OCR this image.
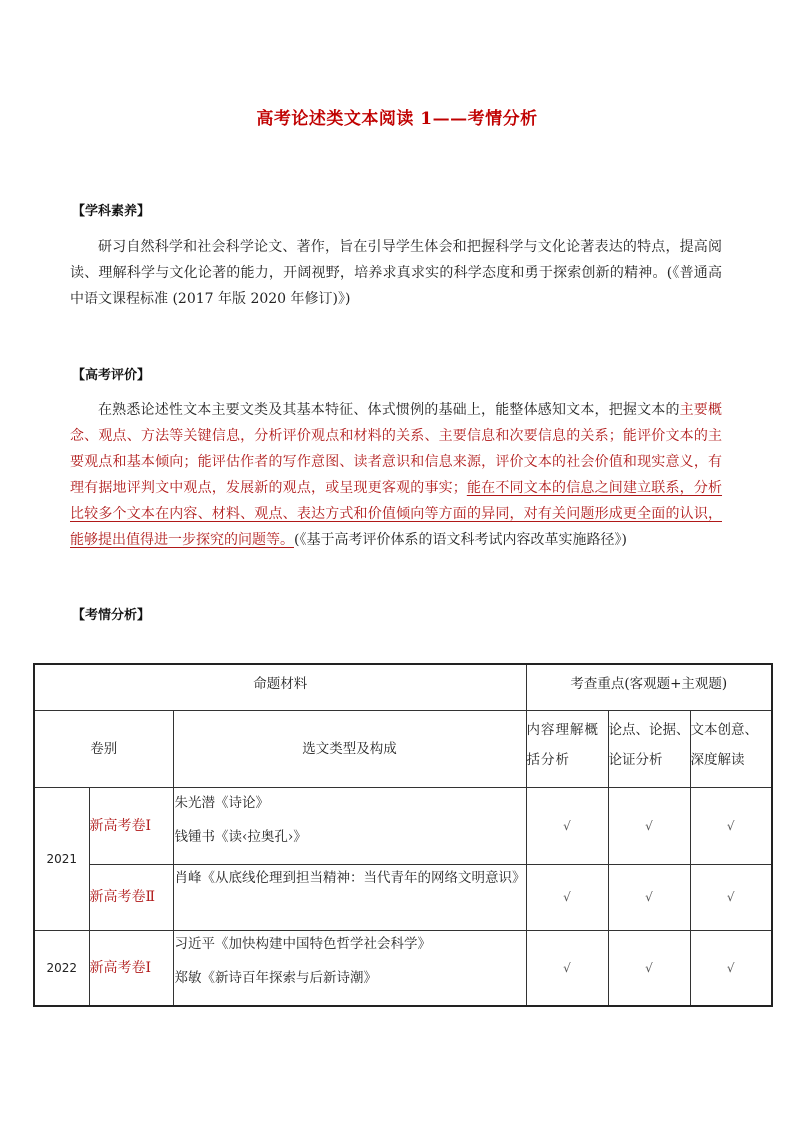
高考论述类文本阅读 1——考情分析
【学科素养】
研习自然科学和社会科学论文、著作，旨在引导学生体会和把握科学与文化论著表达的特点，提高阅读、理解科学与文化论著的能力，开阔视野，培养求真求实的科学态度和勇于探索创新的精神。(《普通高中语文课程标准 (2017 年版 2020 年修订)》)
【高考评价】
在熟悉论述性文本主要文类及其基本特征、体式惯例的基础上，能整体感知文本，把握文本的主要概念、观点、方法等关键信息，分析评价观点和材料的关系、主要信息和次要信息的关系；能评价文本的主要观点和基本倾向；能评估作者的写作意图、读者意识和信息来源，评价文本的社会价值和现实意义，有理有据地评判文中观点，发展新的观点，或呈现更客观的事实；能在不同文本的信息之间建立联系，分析比较多个文本在内容、材料、观点、表达方式和价值倾向等方面的异同，对有关问题形成更全面的认识，能够提出值得进一步探究的问题等。(《基于高考评价体系的语文科考试内容改革实施路径》)
【考情分析】
命题材料			考查重点(客观题+主观题)		
卷别		选文类型及构成	内容理解概括分析	论点、论据、论证分析	文本创意、深度解读
2021	新高考卷Ⅰ	朱光潜《诗论》
钱锺书《读‹拉奥孔›》	√	√	√
	新高考卷Ⅱ	肖峰《从底线伦理到担当精神：当代青年的网络文明意识》	√	√	√
2022	新高考卷Ⅰ	习近平《加快构建中国特色哲学社会科学》
郑敏《新诗百年探索与后新诗潮》	√	√	√
